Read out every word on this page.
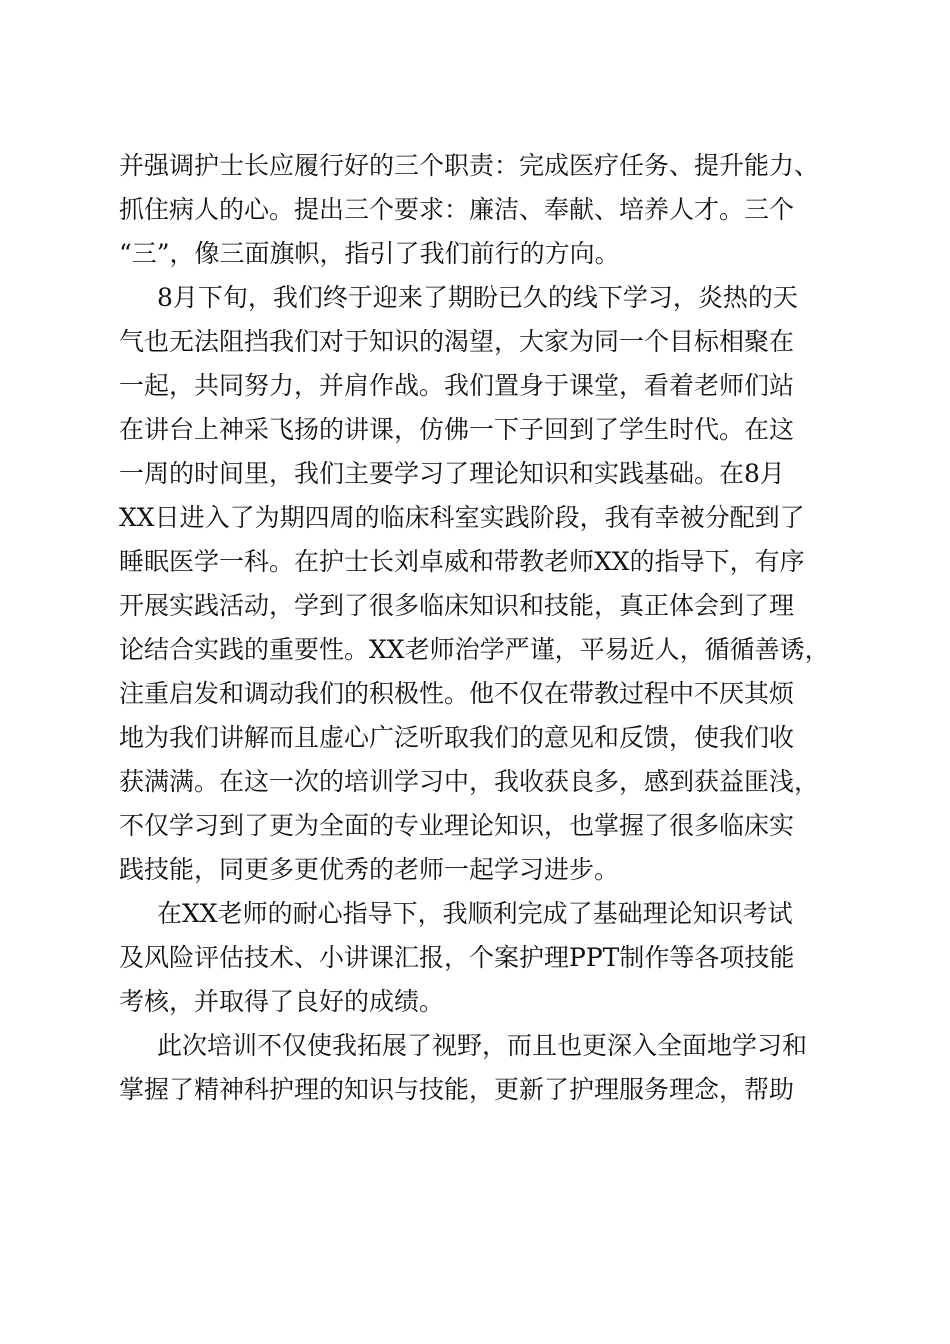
并强调护士长应履行好的三个职责：完成医疗任务、提升能力、

抓住病人的心。提出三个要求：廉洁、奉献、培养人才。三个

“三”，像三面旗帜，指引了我们前行的方向。

8月下旬，我们终于迎来了期盼已久的线下学习，炎热的天

气也无法阻挡我们对于知识的渴望，大家为同一个目标相聚在

一起，共同努力，并肩作战。我们置身于课堂，看着老师们站

在讲台上神采飞扬的讲课，仿佛一下子回到了学生时代。在这

一周的时间里，我们主要学习了理论知识和实践基础。在8月

XX日进入了为期四周的临床科室实践阶段，我有幸被分配到了

睡眠医学一科。在护士长刘卓威和带教老师XX的指导下，有序

开展实践活动，学到了很多临床知识和技能，真正体会到了理

论结合实践的重要性。XX老师治学严谨，平易近人，循循善诱，

注重启发和调动我们的积极性。他不仅在带教过程中不厌其烦

地为我们讲解而且虚心广泛听取我们的意见和反馈，使我们收

获满满。在这一次的培训学习中，我收获良多，感到获益匪浅，

不仅学习到了更为全面的专业理论知识，也掌握了很多临床实

践技能，同更多更优秀的老师一起学习进步。

在XX老师的耐心指导下，我顺利完成了基础理论知识考试

及风险评估技术、小讲课汇报，个案护理PPT制作等各项技能

考核，并取得了良好的成绩。

此次培训不仅使我拓展了视野，而且也更深入全面地学习和

掌握了精神科护理的知识与技能，更新了护理服务理念，帮助
